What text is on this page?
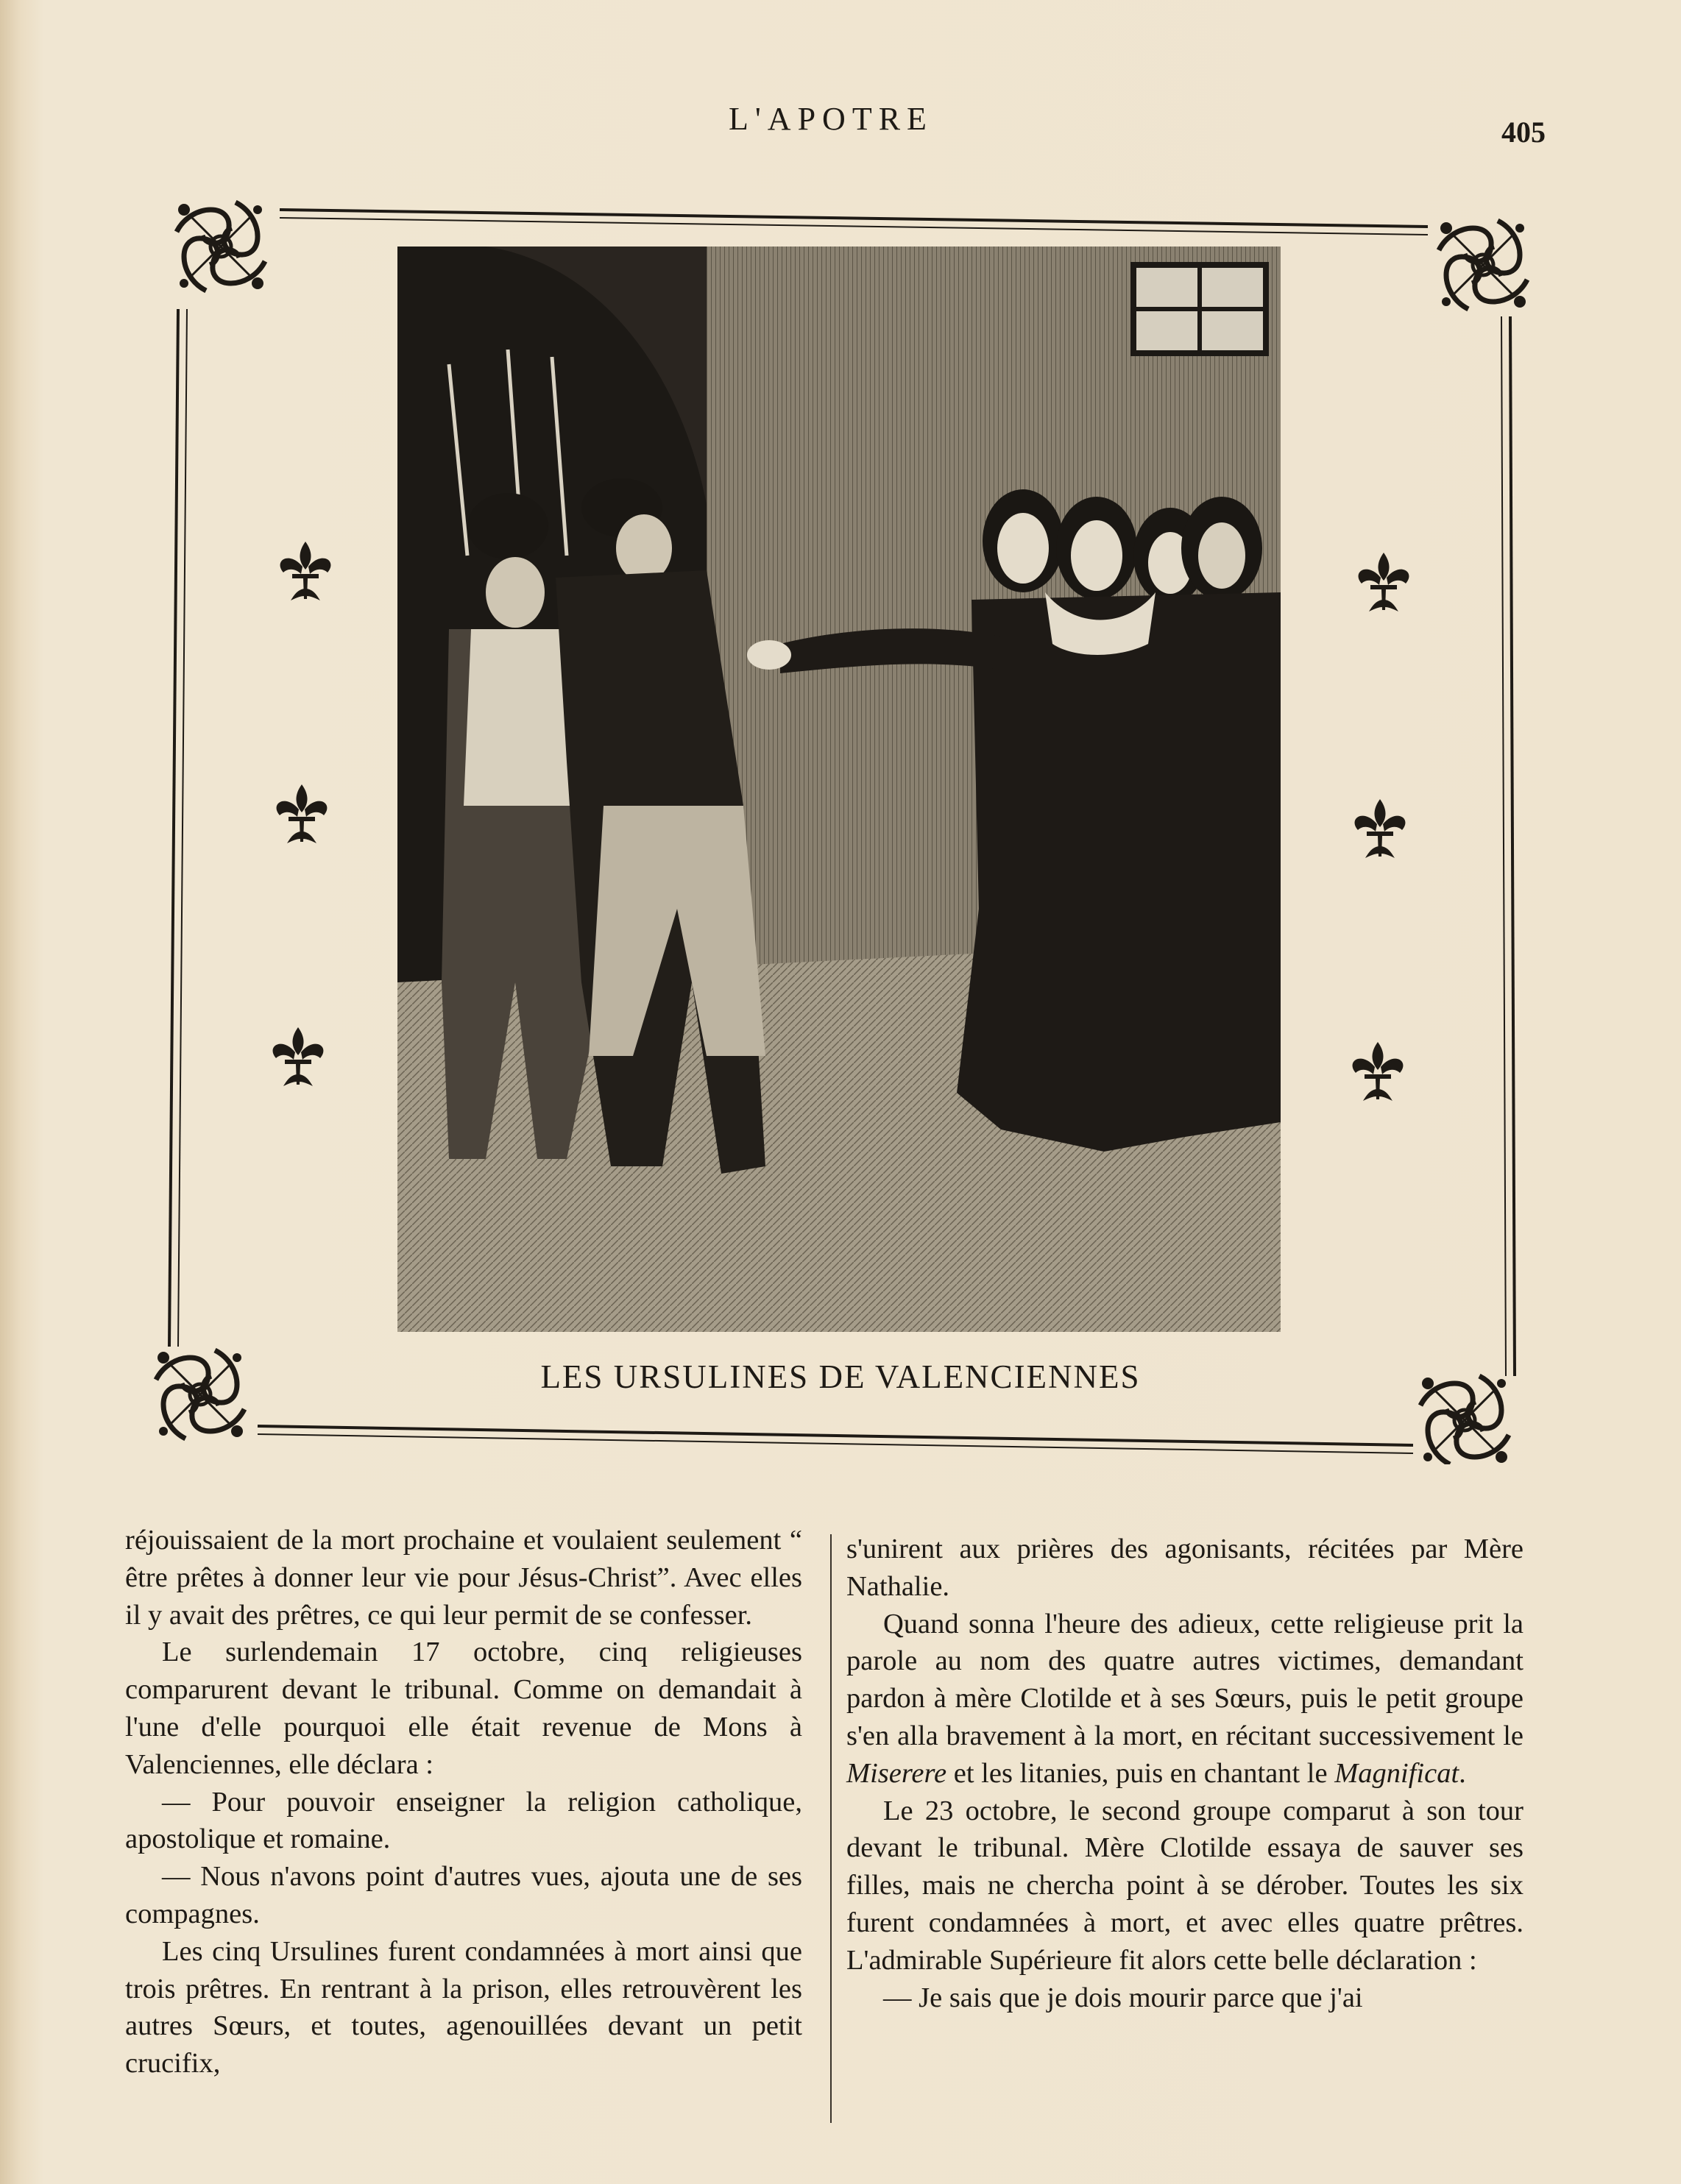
L'APOTRE	405
LES URSULINES DE VALENCIENNES

réjouissaient de la mort prochaine et voulaient seulement “ être prêtes à donner leur vie pour Jésus-Christ”. Avec elles il y avait des prêtres, ce qui leur permit de se confesser.

Le surlendemain 17 octobre, cinq religieuses comparurent devant le tribunal. Comme on demandait à l'une d'elle pourquoi elle était revenue de Mons à Valenciennes, elle déclara :

— Pour pouvoir enseigner la religion catholique, apostolique et romaine.

— Nous n'avons point d'autres vues, ajouta une de ses compagnes.

Les cinq Ursulines furent condamnées à mort ainsi que trois prêtres. En rentrant à la prison, elles retrouvèrent les autres Sœurs, et toutes, agenouillées devant un petit crucifix,

s'unirent aux prières des agonisants, récitées par Mère Nathalie.

Quand sonna l'heure des adieux, cette religieuse prit la parole au nom des quatre autres victimes, demandant pardon à mère Clotilde et à ses Sœurs, puis le petit groupe s'en alla bravement à la mort, en récitant successivement le Miserere et les litanies, puis en chantant le Magnificat.

Le 23 octobre, le second groupe comparut à son tour devant le tribunal. Mère Clotilde essaya de sauver ses filles, mais ne chercha point à se dérober. Toutes les six furent condamnées à mort, et avec elles quatre prêtres. L'admirable Supérieure fit alors cette belle déclaration :

— Je sais que je dois mourir parce que j'ai
